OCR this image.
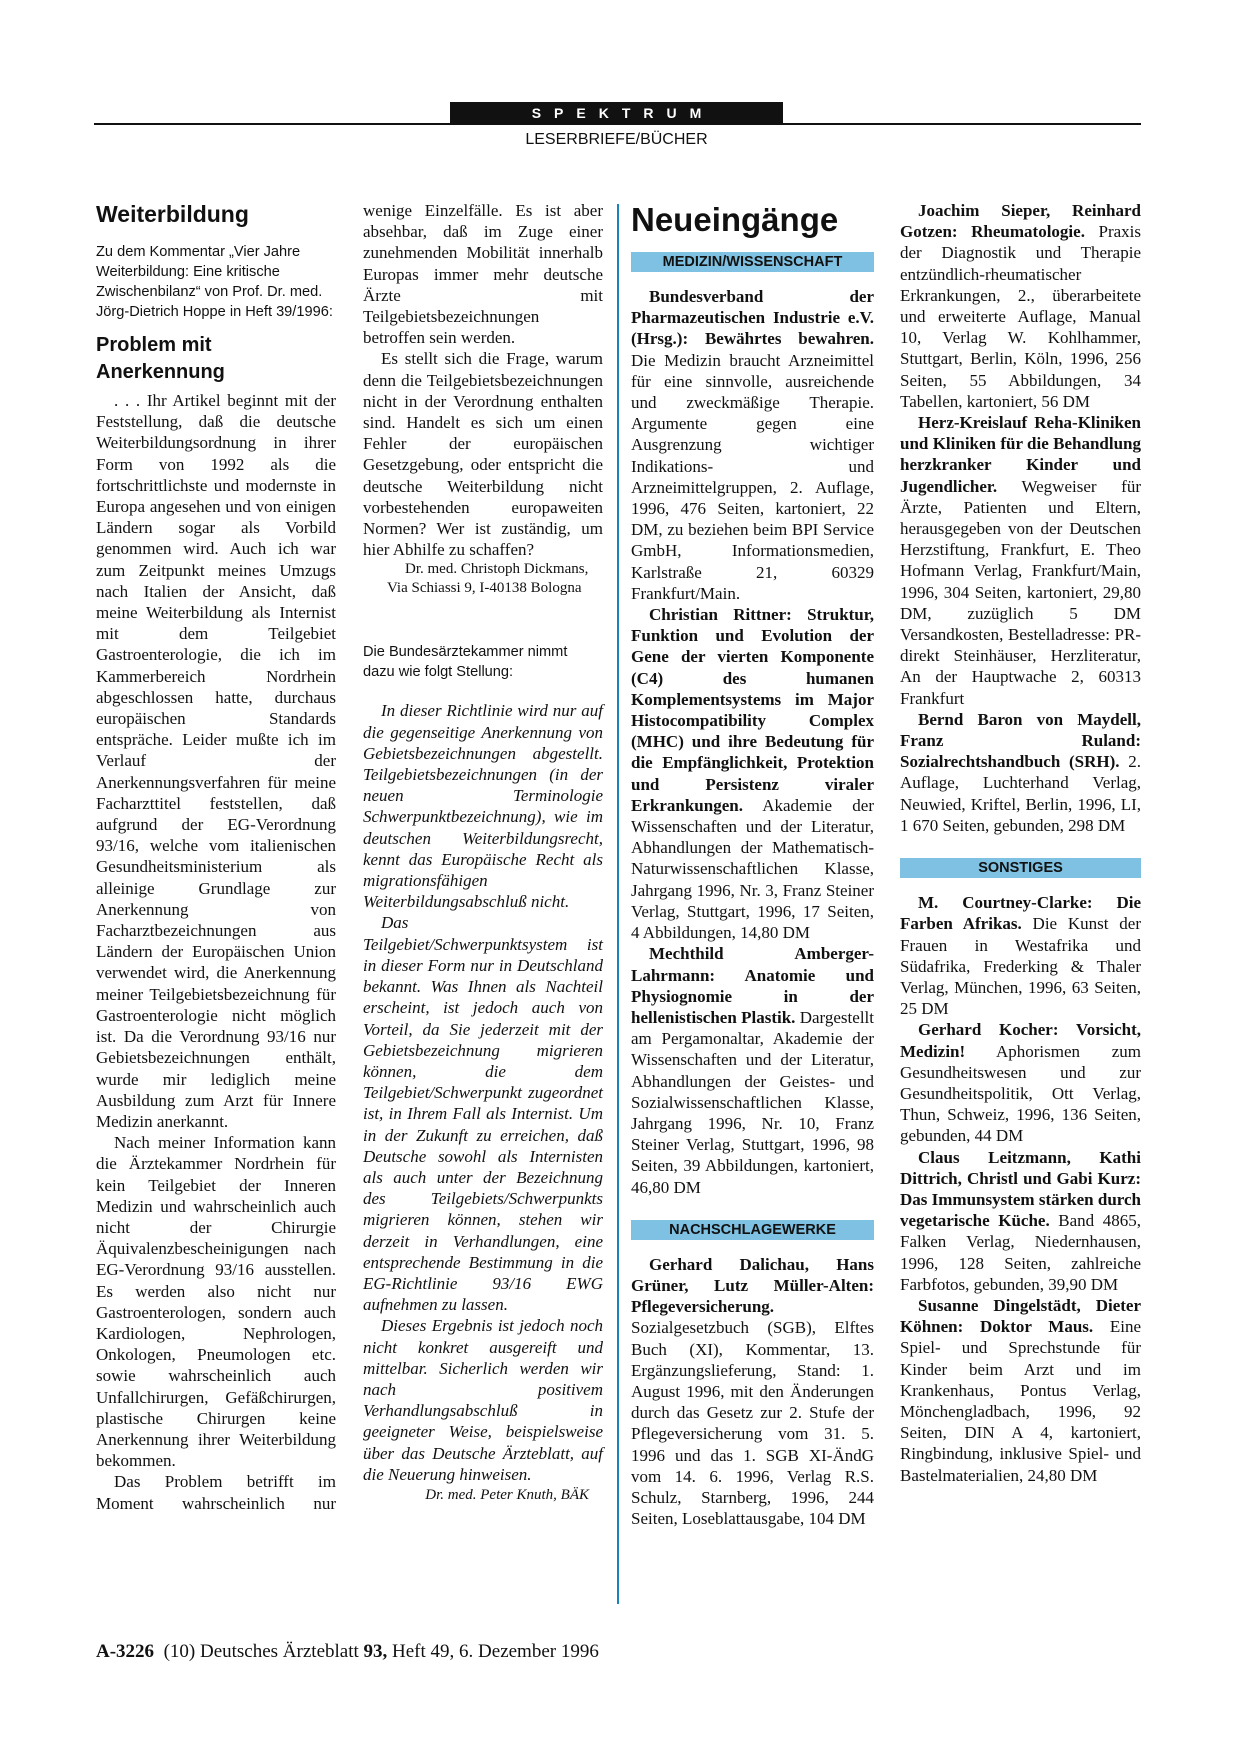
SPEKTRUM
LESERBRIEFE/BÜCHER
Weiterbildung
Zu dem Kommentar „Vier Jahre Weiterbildung: Eine kritische Zwischenbilanz“ von Prof. Dr. med. Jörg-Dietrich Hoppe in Heft 39/1996:
Problem mit Anerkennung

. . . Ihr Artikel beginnt mit der Feststellung, daß die deutsche Weiterbildungsordnung in ihrer Form von 1992 als die fortschrittlichste und modernste in Europa angesehen und von einigen Ländern sogar als Vorbild genommen wird. Auch ich war zum Zeitpunkt meines Umzugs nach Italien der Ansicht, daß meine Weiterbildung als Internist mit dem Teilgebiet Gastroenterologie, die ich im Kammerbereich Nordrhein abgeschlossen hatte, durchaus europäischen Standards entspräche. Leider mußte ich im Verlauf der Anerkennungsverfahren für meine Facharzttitel feststellen, daß aufgrund der EG-Verordnung 93/16, welche vom italienischen Gesundheitsministerium als alleinige Grundlage zur Anerkennung von Facharztbezeichnungen aus Ländern der Europäischen Union verwendet wird, die Anerkennung meiner Teilgebietsbezeichnung für Gastroenterologie nicht möglich ist. Da die Verordnung 93/16 nur Gebietsbezeichnungen enthält, wurde mir lediglich meine Ausbildung zum Arzt für Innere Medizin anerkannt.

Nach meiner Information kann die Ärztekammer Nordrhein für kein Teilgebiet der Inneren Medizin und wahrscheinlich auch nicht der Chirurgie Äquivalenzbescheinigungen nach EG-Verordnung 93/16 ausstellen. Es werden also nicht nur Gastroenterologen, sondern auch Kardiologen, Nephrologen, Onkologen, Pneumologen etc. sowie wahrscheinlich auch Unfallchirurgen, Gefäßchirurgen, plastische Chirurgen keine Anerkennung ihrer Weiterbildung bekommen.

Das Problem betrifft im Moment wahrscheinlich nur

wenige Einzelfälle. Es ist aber absehbar, daß im Zuge einer zunehmenden Mobilität innerhalb Europas immer mehr deutsche Ärzte mit Teilgebietsbezeichnungen betroffen sein werden.

Es stellt sich die Frage, warum denn die Teilgebietsbezeichnungen nicht in der Verordnung enthalten sind. Handelt es sich um einen Fehler der europäischen Gesetzgebung, oder entspricht die deutsche Weiterbildung nicht vorbestehenden europaweiten Normen? Wer ist zuständig, um hier Abhilfe zu schaffen?

Dr. med. Christoph Dickmans, Via Schiassi 9, I-40138 Bologna

Die Bundesärztekammer nimmt dazu wie folgt Stellung:

In dieser Richtlinie wird nur auf die gegenseitige Anerkennung von Gebietsbezeichnungen abgestellt. Teilgebietsbezeichnungen (in der neuen Terminologie Schwerpunktbezeichnung), wie im deutschen Weiterbildungsrecht, kennt das Europäische Recht als migrationsfähigen Weiterbildungsabschluß nicht.

Das Teilgebiet/Schwerpunktsystem ist in dieser Form nur in Deutschland bekannt. Was Ihnen als Nachteil erscheint, ist jedoch auch von Vorteil, da Sie jederzeit mit der Gebietsbezeichnung migrieren können, die dem Teilgebiet/Schwerpunkt zugeordnet ist, in Ihrem Fall als Internist. Um in der Zukunft zu erreichen, daß Deutsche sowohl als Internisten als auch unter der Bezeichnung des Teilgebiets/Schwerpunkts migrieren können, stehen wir derzeit in Verhandlungen, eine entsprechende Bestimmung in die EG-Richtlinie 93/16 EWG aufnehmen zu lassen.

Dieses Ergebnis ist jedoch noch nicht konkret ausgereift und mittelbar. Sicherlich werden wir nach positivem Verhandlungsabschluß in geeigneter Weise, beispielsweise über das Deutsche Ärzteblatt, auf die Neuerung hinweisen.

Dr. med. Peter Knuth, BÄK
Neueingänge
MEDIZIN/WISSENSCHAFT

Bundesverband der Pharmazeutischen Industrie e.V. (Hrsg.): Bewährtes bewahren. Die Medizin braucht Arzneimittel für eine sinnvolle, ausreichende und zweckmäßige Therapie. Argumente gegen eine Ausgrenzung wichtiger Indikations- und Arzneimittelgruppen, 2. Auflage, 1996, 476 Seiten, kartoniert, 22 DM, zu beziehen beim BPI Service GmbH, Informationsmedien, Karlstraße 21, 60329 Frankfurt/Main.

Christian Rittner: Struktur, Funktion und Evolution der Gene der vierten Komponente (C4) des humanen Komplementsystems im Major Histocompatibility Complex (MHC) und ihre Bedeutung für die Empfänglichkeit, Protektion und Persistenz viraler Erkrankungen. Akademie der Wissenschaften und der Literatur, Abhandlungen der Mathematisch-Naturwissenschaftlichen Klasse, Jahrgang 1996, Nr. 3, Franz Steiner Verlag, Stuttgart, 1996, 17 Seiten, 4 Abbildungen, 14,80 DM

Mechthild Amberger-Lahrmann: Anatomie und Physiognomie in der hellenistischen Plastik. Dargestellt am Pergamonaltar, Akademie der Wissenschaften und der Literatur, Abhandlungen der Geistes- und Sozialwissenschaftlichen Klasse, Jahrgang 1996, Nr. 10, Franz Steiner Verlag, Stuttgart, 1996, 98 Seiten, 39 Abbildungen, kartoniert, 46,80 DM

NACHSCHLAGEWERKE

Gerhard Dalichau, Hans Grüner, Lutz Müller-Alten: Pflegeversicherung. Sozialgesetzbuch (SGB), Elftes Buch (XI), Kommentar, 13. Ergänzungslieferung, Stand: 1. August 1996, mit den Änderungen durch das Gesetz zur 2. Stufe der Pflegeversicherung vom 31. 5. 1996 und das 1. SGB XI-ÄndG vom 14. 6. 1996, Verlag R.S. Schulz, Starnberg, 1996, 244 Seiten, Loseblattausgabe, 104 DM

Joachim Sieper, Reinhard Gotzen: Rheumatologie. Praxis der Diagnostik und Therapie entzündlich-rheumatischer Erkrankungen, 2., überarbeitete und erweiterte Auflage, Manual 10, Verlag W. Kohlhammer, Stuttgart, Berlin, Köln, 1996, 256 Seiten, 55 Abbildungen, 34 Tabellen, kartoniert, 56 DM

Herz-Kreislauf Reha-Kliniken und Kliniken für die Behandlung herzkranker Kinder und Jugendlicher. Wegweiser für Ärzte, Patienten und Eltern, herausgegeben von der Deutschen Herzstiftung, Frankfurt, E. Theo Hofmann Verlag, Frankfurt/Main, 1996, 304 Seiten, kartoniert, 29,80 DM, zuzüglich 5 DM Versandkosten, Bestelladresse: PR-direkt Steinhäuser, Herzliteratur, An der Hauptwache 2, 60313 Frankfurt

Bernd Baron von Maydell, Franz Ruland: Sozialrechtshandbuch (SRH). 2. Auflage, Luchterhand Verlag, Neuwied, Kriftel, Berlin, 1996, LI, 1 670 Seiten, gebunden, 298 DM

SONSTIGES

M. Courtney-Clarke: Die Farben Afrikas. Die Kunst der Frauen in Westafrika und Südafrika, Frederking & Thaler Verlag, München, 1996, 63 Seiten, 25 DM

Gerhard Kocher: Vorsicht, Medizin! Aphorismen zum Gesundheitswesen und zur Gesundheitspolitik, Ott Verlag, Thun, Schweiz, 1996, 136 Seiten, gebunden, 44 DM

Claus Leitzmann, Kathi Dittrich, Christl und Gabi Kurz: Das Immunsystem stärken durch vegetarische Küche. Band 4865, Falken Verlag, Niedernhausen, 1996, 128 Seiten, zahlreiche Farbfotos, gebunden, 39,90 DM

Susanne Dingelstädt, Dieter Köhnen: Doktor Maus. Eine Spiel- und Sprechstunde für Kinder beim Arzt und im Krankenhaus, Pontus Verlag, Mönchengladbach, 1996, 92 Seiten, DIN A 4, kartoniert, Ringbindung, inklusive Spiel- und Bastelmaterialien, 24,80 DM

A-3226  (10) Deutsches Ärzteblatt 93, Heft 49, 6. Dezember 1996
